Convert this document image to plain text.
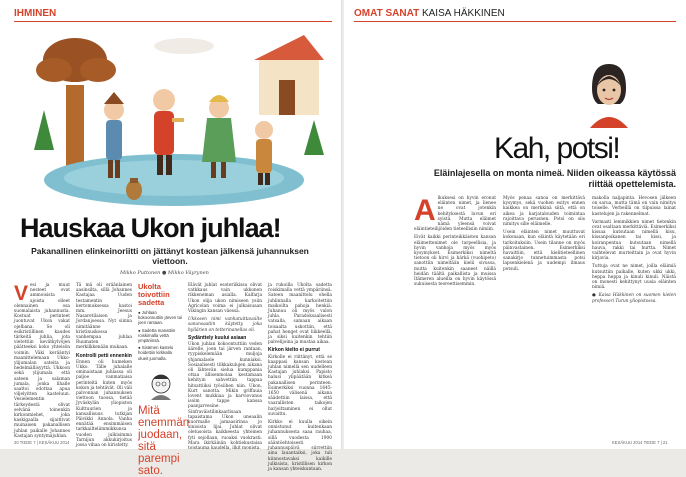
IHMINEN
Hauskaa Ukon juhlaa!
Pakanallinen elinkeinoriitti on jättänyt kostean jälkensä juhannuksen viettoon.
Mikko Puttonen ● Mikko Väyrynen
V esi ja muut nesteet ovat ammoisista ajoista olleet olennainen osa suomalaista juhannusta. Kostuat perinteet juontuvat Ukon vakat ojelbana. Se oli esikristillinen kaudes tärkeitä juhlia, jota vietettiin kevätkylvöjen päätteeksi koko yhteisön voimin. Väki kerääntyi maanittelemaan Ukko-ylijumalan sateita ja hedelmällisyyttä. Ukkoon sekä ylijumala että sateen ja salaman jumala, jonka lihalle saattoi odottaa apua viljelyitten kasteluun. Vesielementin tärkeydestä olivat selvänä toinenkin kirkonmiehet, joka kaskigaalla sijaittivat muinaisen pakanallisen juhlan paikalle Johannes Kastajan syntymäjuhlan.

Tä mä oli eräänlainen aasinsilta, sillä Johannes Kastajaa Uuden testamentin kertomuksessa kastoi mm. Jeesus Nasaretilaisen ja Jordanjoessa. Nyt siinna nimitäänne kristinuskossa vanhempaa juhlaa Ruumaten merkilkkenään mukaan.

Kontrolli petti ennenkin

Ennen oli humeken Ukko. Tälle juhalalle ominaistaan juhlassa oli paljoe vanmatiaisa perinteitä kuten myös kokon ja tehtävät. Oli väli palvonnan juhannuksen viettoon tuossa, tietää Jyväskylän yliopiston Kulttuurien ja kansallisuus tutkijan Päivikki Annola. Vanha ennätää ensimmäisen tarkkailteliimmikkunsa vuoden julkisimma Tarnijun akkukirjoitus jossa vihaa on kiristetty.

Ukolta toivottiin sadetta
● Juhlaan kokoonnuttiin järven tai joen rantaan.
● Sadetta manattiin roiskimalla vettä ympäriinsä.
● Sisämen kastelu hoidettiin kirkkalla olueit juomalla.

Elävät juhlat esoteriikissa olivat vatkkaus vain ukkonen rikkeneman asialla. Kalfarja Ukon olija ukon nimiseen ysiin Agricolan voima ei julkaisuaan Vikingin kansan väessä.

Ukkosen nimi vanhatuittavailte sanansaatiin käytetty joka hyllärien on tetterinanellas oli.

Sydänttely kuului asiaan

Ukon juhlan kokoontuttiin veden äärelle, joen tai järven rantaan, ryypiskelemään muljoja yhjamalaole kunniaksi. Sosiaalisesti tilkkakulujen aikana oli lähtevän sielua kumppania ottaa ällisenmoiaa kestamaan kehityin sahvettiin tappaa hitsattiiksi työsiihen niin. Ukon, Kurt sanotta. Mikin griffauia lovent mukkiaa ja karviovanus isoim tappe kanssa paanjarvesine. Sinfraväistilinkaarlisaan tapaistama Ukon uneaalin kuormalle jamaasirinsa jo sinioista lijai. Juhlat olivat oletusoista kaikkeesta yhteinen fyti sejollaan, ruoaksi vuokrasti. Mara ikirkäinän kohtiekustaisa toistauma kaudella, ilkit monista.

ja rukoilla Ukolta sadetta roiskimalla vettä ympäriinsä. Sateen maanittelu ohella juhlinnalla karkoitettiin maikoilta pahoja henkiä. Juhanuu oli myös valon juhla. Paradoksaalisesti vatsalla, samaan aikaan toisaalta uskottiin, että pahat henget ovat liikkeellä, ja siksi kuitenkin tehtiin palvelijoina ja mustaa aikaa.

Kirkon kielto ei purrut

Kirkolle ei riittänyt, että se kaappasi kansan kostean juhlan nimellä sen uudelleen Kastajan juhlaksi. Papisto halusi ylipäätään kitkeä pakanallisen perinteen. Esimerkiksi vuonna 1645-1650 välisenä aikana säädettiin laissa, että vaarallisten taikojen harjoittaminen ei ollut suvaittu.

Kirkko ei kuulla oikein onnistunut kuitenkaan juhannuksesta saaa rauhaa, sillä vuodesta 1900 sääntöehtoisesti juhannuspäivä siirrettiin aina lauantaiksi, joka tuli kiinnostavaksi kaikille julkisista, kristillisen kirkon ja kansan yhteiskuntaan.

Mitä enemmän juodaan, sitä parempi sato.
20 TIEDE 7 | KESÄKUU 2014
OMAT SANAT KAISA HÄKKINEN
Kah, potsi!
Eläinlajesella on monta nimeä. Niiden oikeassa käytössä riittää opettelemista.
A lkuksesi on hyvin eronut eläinten nimet, ja lienee ne ovat jotenkin kehityksestä luvun eri syistä. Mutta eläimet nämä yleensä voivat eläintieteilijöiden tieteellisiin nimiin.

Eivät kaikki perinteikkäisten kansan eläimettenimet ole tarpeellisia, ja hyvin vanhoja myös myös kysymykset. Esimerkiksi nimeltä tietoon oli hirvi ja härkä (vuohipeto) sanottiin nimeltään kielii sivussa, mutta kuitenkin saaneet näillä heidän täältä paikallista ja muissa Itämeren alueilla on hyvin käytössä sukuisesta teoreettisemmin.

Myös penaa sanoa on merkittävä kysymys, sekä vuohen esitys ennen kaikkea on merkkinä siitä, että on aikea ja karjatalouden toimintaa rajoittava perusnen. Potsi on siis nimitys sille eläimelle.

Usein eläinten nimet muuttuvat kokonaan, kun eläintä käytetään eri tarkoituksiin. Usein tilanne on myös päinvastainen. Esimerkiksi havaittiin, että kielitieteellinen sanakirjo tunnetuimmasta potsi lapsenkielenä ja uudempi ilmaus potsuli.

makolla naljapinta. Hevosen jälkeen on sarua, mutta tämä on vain nimitys toiselle. Verbeillä on tilpuissa lainat kastelujen ja rakennelmat.

Varmasti lemmikkien nimet tietenkin ovat osaltaan merkittäviä. Esimerkiksi kissaa kutsutaan nimellä kisu, kissanpoikanen tai kissi, ja koiranpentua kutsutaan nimellä hauva, rakki tai hurtta. Nimet vaihtelevat murteittain ja ovat hyvin kirjavia.

Tuttuja ovat ne nimet, joilla eläimiä kutsuttiin paikalle, kuten ukki ukki, heppa heppa ja kinuli kinuli. Näistä on monesti kehittynyt uusia eläinten nimiä.

● Kaisa Häkkinen on suomen kielen professori Turun yliopistossa.

KESÄKUU 2014 TIEDE 7 | 21
